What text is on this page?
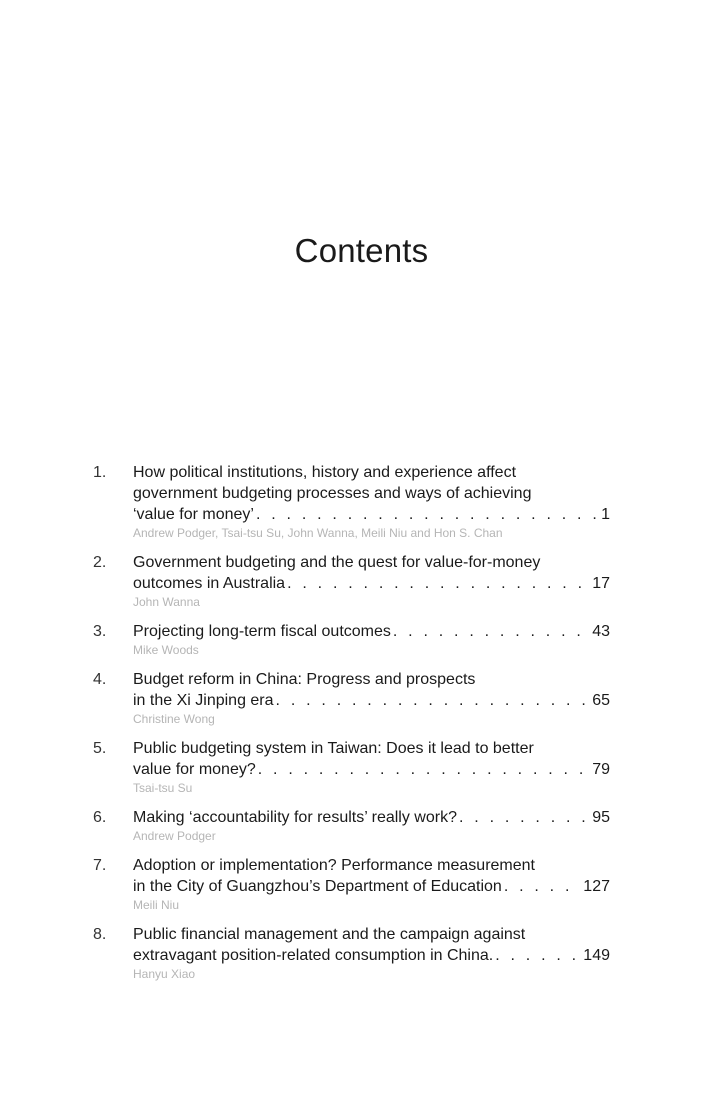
Contents
1. How political institutions, history and experience affect
government budgeting processes and ways of achieving
‘value for money’ . . .	1
Andrew Podger, Tsai-tsu Su, John Wanna, Meili Niu and Hon S. Chan
2. Government budgeting and the quest for value-for-money
outcomes in Australia . . .	17
John Wanna
3. Projecting long-term fiscal outcomes . . .	43
Mike Woods
4. Budget reform in China: Progress and prospects
in the Xi Jinping era . . .	65
Christine Wong
5. Public budgeting system in Taiwan: Does it lead to better
value for money? . . .	79
Tsai-tsu Su
6. Making ‘accountability for results’ really work? . . .	95
Andrew Podger
7. Adoption or implementation? Performance measurement
in the City of Guangzhou’s Department of Education . . .	127
Meili Niu
8. Public financial management and the campaign against
extravagant position-related consumption in China. . . .	149
Hanyu Xiao
